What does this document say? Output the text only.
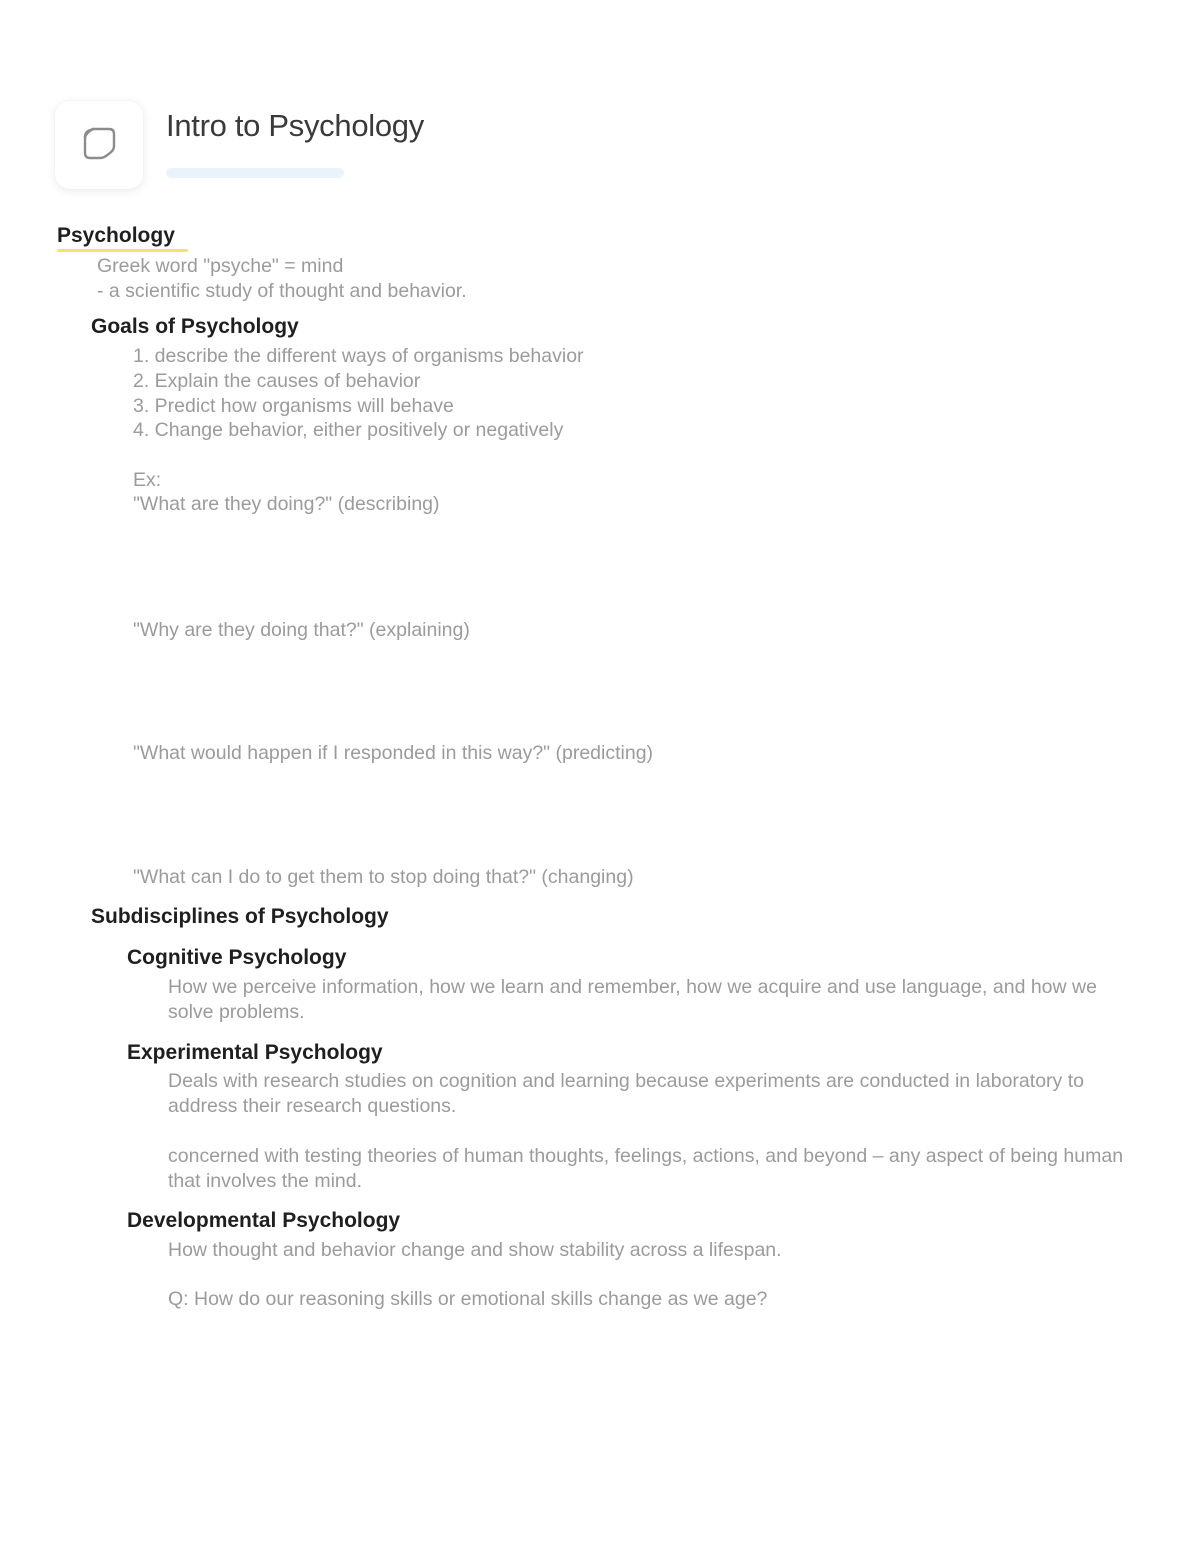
Intro to Psychology
Psychology

Greek word "psyche" = mind

- a scientific study of thought and behavior.

Goals of Psychology

1. describe the different ways of organisms behavior

2. Explain the causes of behavior

3. Predict how organisms will behave

4. Change behavior, either positively or negatively

Ex:

"What are they doing?" (describing)

"Why are they doing that?" (explaining)

"What would happen if I responded in this way?" (predicting)

"What can I do to get them to stop doing that?" (changing)

Subdisciplines of Psychology
Cognitive Psychology

How we perceive information, how we learn and remember, how we acquire and use language, and how we solve problems.

Experimental Psychology

Deals with research studies on cognition and learning because experiments are conducted in laboratory to address their research questions.

concerned with testing theories of human thoughts, feelings, actions, and beyond – any aspect of being human that involves the mind.

Developmental Psychology

How thought and behavior change and show stability across a lifespan.

Q: How do our reasoning skills or emotional skills change as we age?
